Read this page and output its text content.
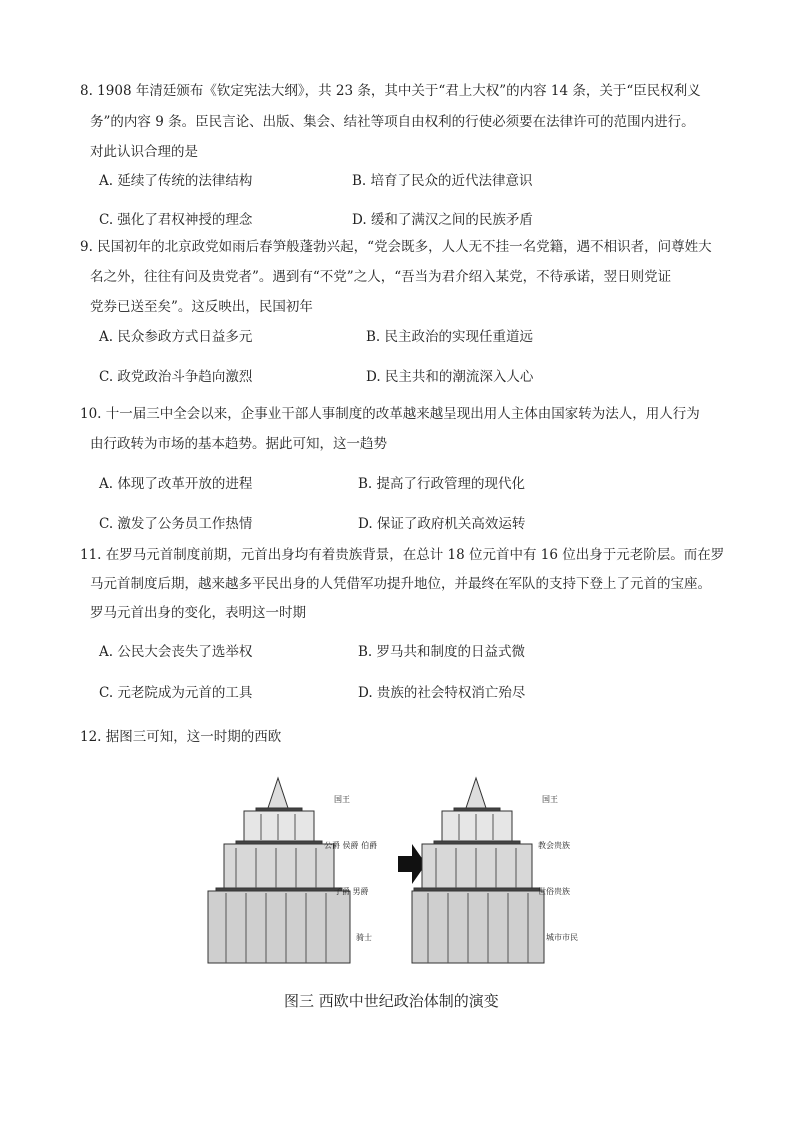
8. 1908 年清廷颁布《钦定宪法大纲》，共 23 条，其中关于“君上大权”的内容 14 条，关于“臣民权利义
务”的内容 9 条。臣民言论、出版、集会、结社等项自由权利的行使必须要在法律许可的范围内进行。
对此认识合理的是
A. 延续了传统的法律结构	B. 培育了民众的近代法律意识
C. 强化了君权神授的理念	D. 缓和了满汉之间的民族矛盾
9. 民国初年的北京政党如雨后春笋般蓬勃兴起，“党会既多，人人无不挂一名党籍，遇不相识者，问尊姓大
名之外，往往有问及贵党者”。遇到有“不党”之人，“吾当为君介绍入某党，不待承诺，翌日则党证
党券已送至矣”。这反映出，民国初年
A. 民众参政方式日益多元	B. 民主政治的实现任重道远
C. 政党政治斗争趋向激烈	D. 民主共和的潮流深入人心
10. 十一届三中全会以来，企事业干部人事制度的改革越来越呈现出用人主体由国家转为法人，用人行为
由行政转为市场的基本趋势。据此可知，这一趋势
A. 体现了改革开放的进程	B. 提高了行政管理的现代化
C. 激发了公务员工作热情	D. 保证了政府机关高效运转
11. 在罗马元首制度前期，元首出身均有着贵族背景，在总计 18 位元首中有 16 位出身于元老阶层。而在罗
马元首制度后期，越来越多平民出身的人凭借军功提升地位，并最终在军队的支持下登上了元首的宝座。
罗马元首出身的变化，表明这一时期
A. 公民大会丧失了选举权	B. 罗马共和制度的日益式微
C. 元老院成为元首的工具	D. 贵族的社会特权消亡殆尽
12. 据图三可知，这一时期的西欧
国王
公爵 侯爵 伯爵
子爵 男爵
骑士
国王
教会贵族
世俗贵族
城市市民
图三 西欧中世纪政治体制的演变
